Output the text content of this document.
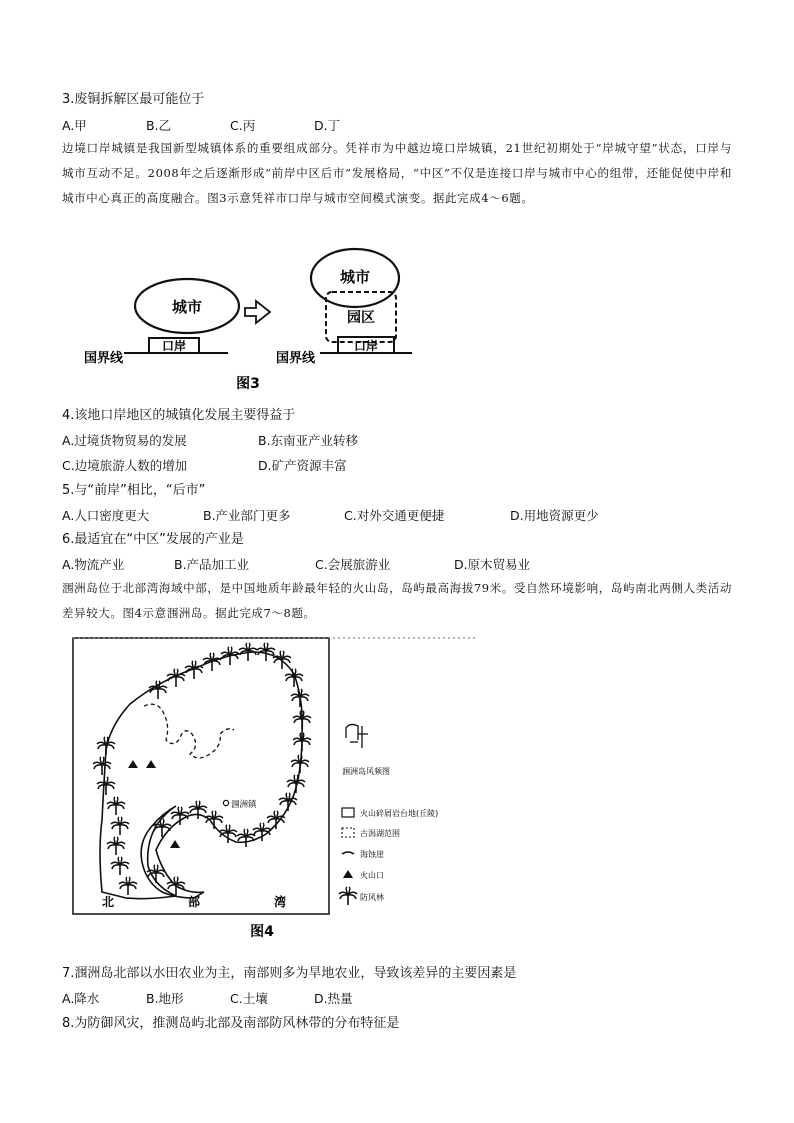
3.废铜拆解区最可能位于
A.甲	B.乙	C.丙	D.丁
边境口岸城镇是我国新型城镇体系的重要组成部分。凭祥市为中越边境口岸城镇，21世纪初期处于“岸城守望”状态，口岸与城市互动不足。2008年之后逐渐形成“前岸中区后市”发展格局，“中区”不仅是连接口岸与城市中心的组带，还能促使中岸和城市中心真正的高度融合。图3示意凭祥市口岸与城市空间模式演变。据此完成4～6题。
城市
口岸
国界线
城市
园区
口岸
国界线
图3
4.该地口岸地区的城镇化发展主要得益于
A.过境货物贸易的发展	B.东南亚产业转移
C.边境旅游人数的增加	D.矿产资源丰富
5.与“前岸”相比，“后市”
A.人口密度更大	B.产业部门更多	C.对外交通更便捷	D.用地资源更少
6.最适宜在“中区”发展的产业是
A.物流产业	B.产品加工业	C.会展旅游业	D.原木贸易业
涠洲岛位于北部湾海域中部，是中国地质年龄最年轻的火山岛，岛屿最高海拔79米。受自然环境影响，岛屿南北两侧人类活动差异较大。图4示意涠洲岛。据此完成7～8题。
涠洲镇
北	部	湾
涠洲岛风频图
火山碎屑岩台地(丘陵)
古潟湖范围
海蚀崖
火山口
防风林
图4
7.涠洲岛北部以水田农业为主，南部则多为旱地农业，导致该差异的主要因素是
A.降水	B.地形	C.土壤	D.热量
8.为防御风灾，推测岛屿北部及南部防风林带的分布特征是
